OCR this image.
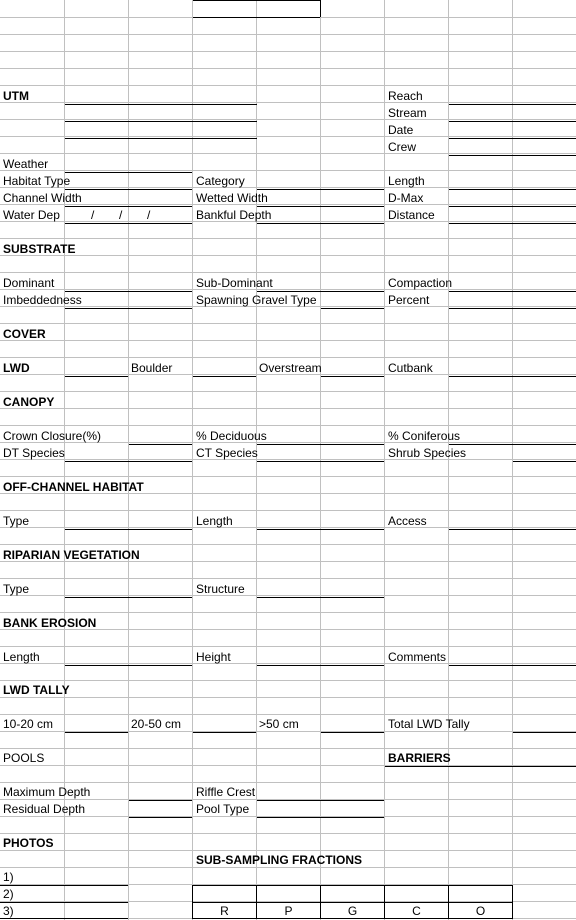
UTM	Reach
Stream
Date
Crew
Weather
Habitat Type	Category	Length
Channel Width	Wetted Width	D-Max
Water Dep	/ / /	Bankful Depth	Distance
SUBSTRATE
Dominant	Sub-Dominant	Compaction
Imbeddedness	Spawning Gravel Type	Percent
COVER
LWD	Boulder	Overstream	Cutbank
CANOPY
Crown Closure(%)	% Deciduous	% Coniferous
DT Species	CT Species	Shrub Species
OFF-CHANNEL HABITAT
Type	Length	Access
RIPARIAN VEGETATION
Type	Structure
BANK EROSION
Length	Height	Comments
LWD TALLY
10-20 cm	20-50 cm	>50 cm	Total LWD Tally
POOLS	BARRIERS
Maximum Depth	Riffle Crest
Residual Depth	Pool Type
PHOTOS
1)
2)
3)
SUB-SAMPLING FRACTIONS
R	P	G	C	O
